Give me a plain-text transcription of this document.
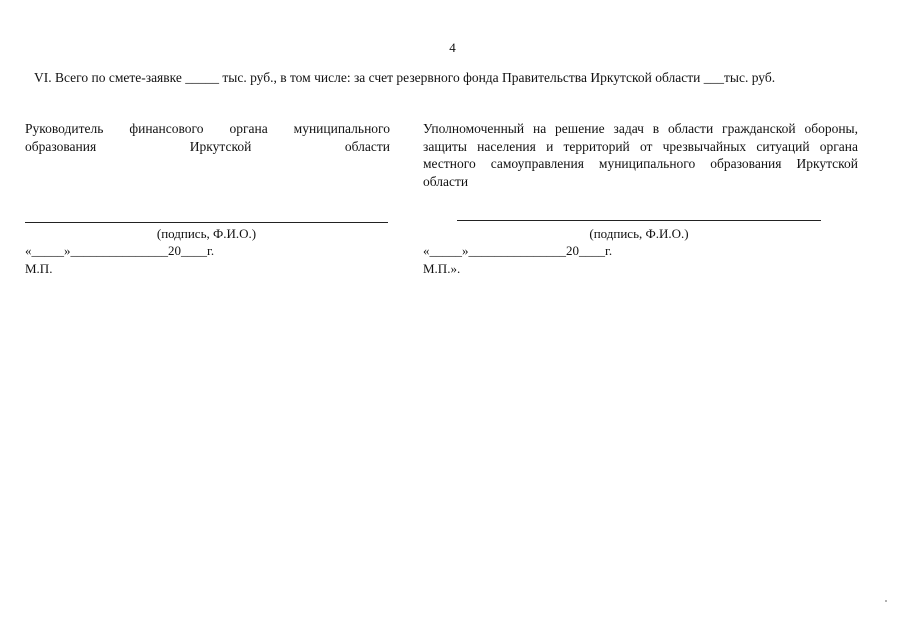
4
VI. Всего по смете-заявке _____ тыс. руб., в том числе: за счет резервного фонда Правительства Иркутской области ___тыс. руб.

Руководитель финансового органа муниципального образования Иркутской области

(подпись, Ф.И.О.)
«_____»_______________20____г.
М.П.

Уполномоченный на решение задач в области гражданской обороны, защиты населения и территорий от чрезвычайных ситуаций органа местного самоуправления муниципального образования Иркутской области

(подпись, Ф.И.О.)
«_____»_______________20____г.
М.П.».
